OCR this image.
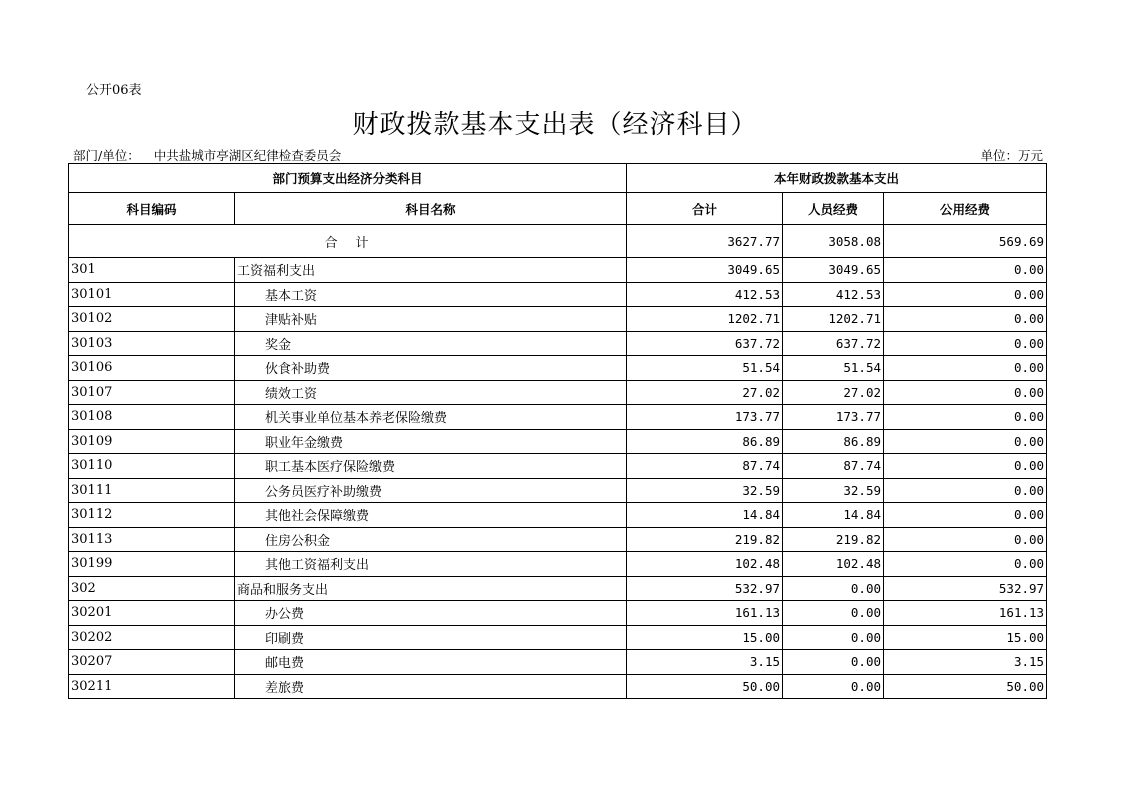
公开06表
财政拨款基本支出表（经济科目）
部门/单位： 中共盐城市亭湖区纪律检查委员会	单位：万元
部门预算支出经济分类科目		本年财政拨款基本支出		
科目编码	科目名称	合计	人员经费	公用经费
合计		3627.77	3058.08	569.69
301	工资福利支出	3049.65	3049.65	0.00
30101	基本工资	412.53	412.53	0.00
30102	津贴补贴	1202.71	1202.71	0.00
30103	奖金	637.72	637.72	0.00
30106	伙食补助费	51.54	51.54	0.00
30107	绩效工资	27.02	27.02	0.00
30108	机关事业单位基本养老保险缴费	173.77	173.77	0.00
30109	职业年金缴费	86.89	86.89	0.00
30110	职工基本医疗保险缴费	87.74	87.74	0.00
30111	公务员医疗补助缴费	32.59	32.59	0.00
30112	其他社会保障缴费	14.84	14.84	0.00
30113	住房公积金	219.82	219.82	0.00
30199	其他工资福利支出	102.48	102.48	0.00
302	商品和服务支出	532.97	0.00	532.97
30201	办公费	161.13	0.00	161.13
30202	印刷费	15.00	0.00	15.00
30207	邮电费	3.15	0.00	3.15
30211	差旅费	50.00	0.00	50.00
